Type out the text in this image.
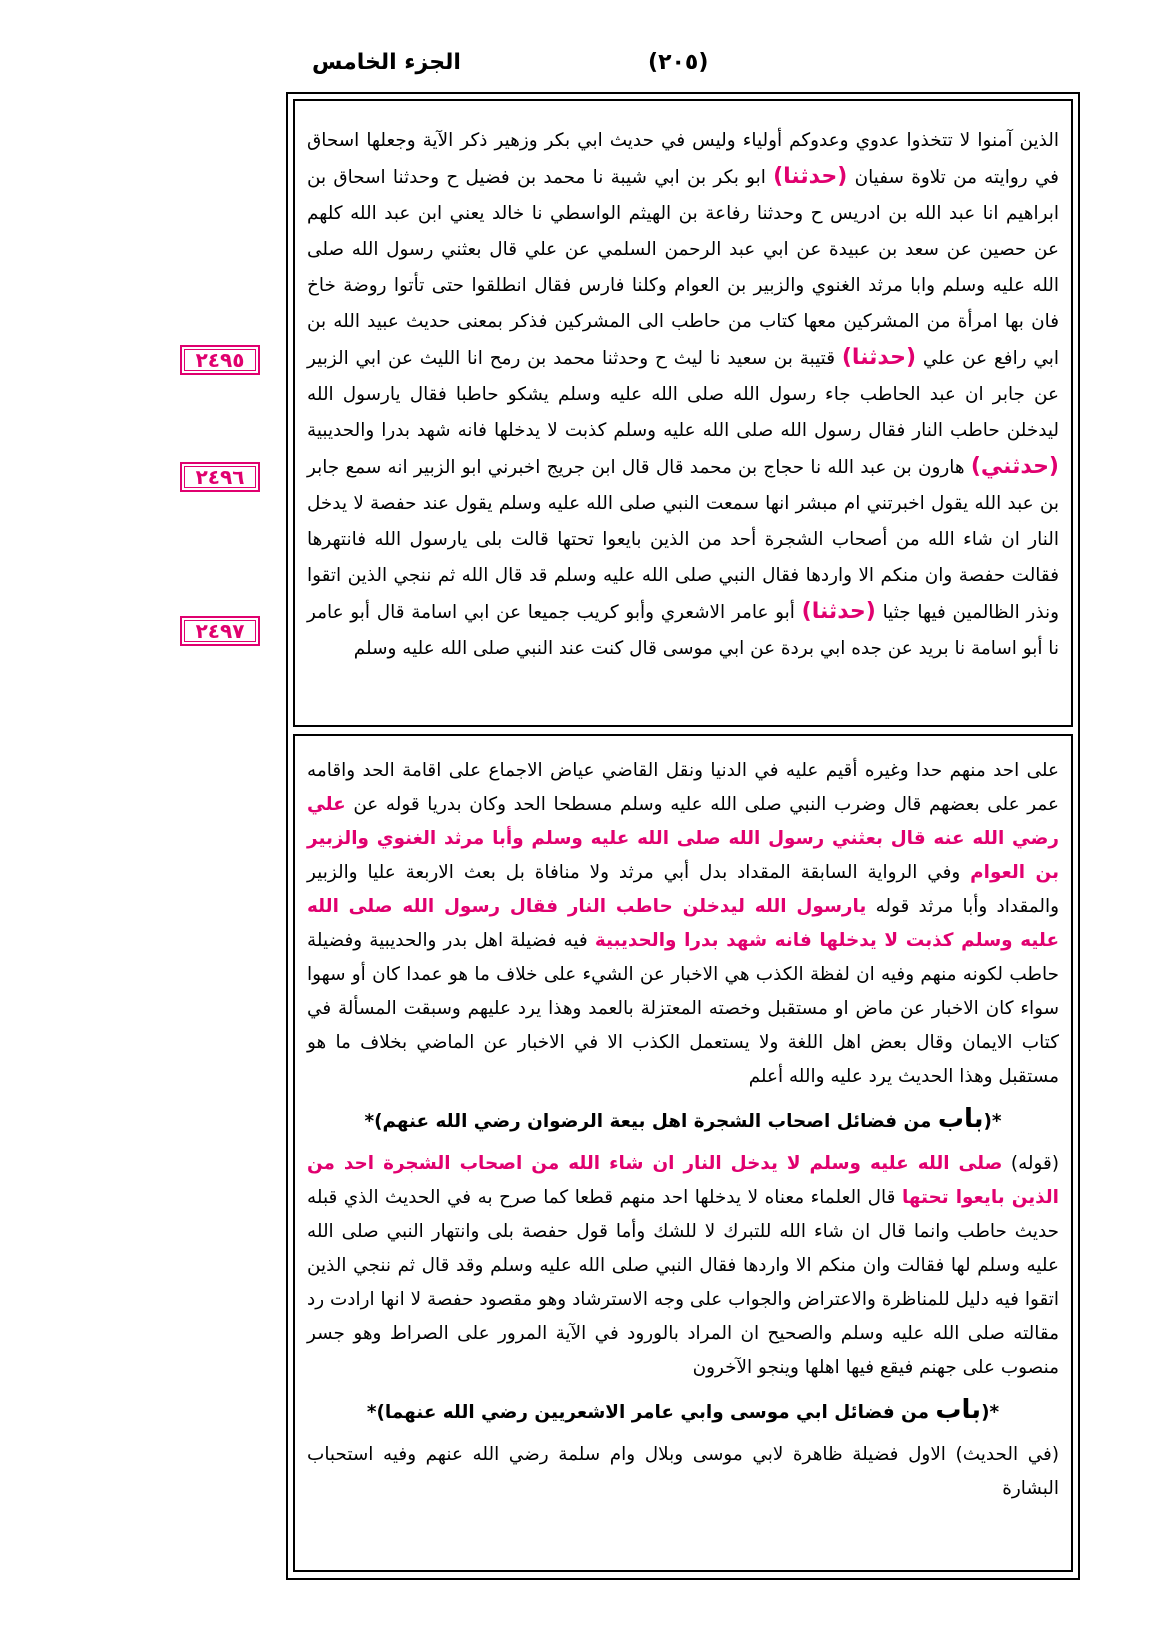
الجزء الخامس	(٢٠٥)
٢٤٩٥
٢٤٩٦
٢٤٩٧

الذين آمنوا لا تتخذوا عدوي وعدوكم أولياء وليس في حديث ابي بكر وزهير ذكر الآية وجعلها اسحاق في روايته من تلاوة سفيان (حدثنا) ابو بكر بن ابي شيبة نا محمد بن فضيل ح وحدثنا اسحاق بن ابراهيم انا عبد الله بن ادريس ح وحدثنا رفاعة بن الهيثم الواسطي نا خالد يعني ابن عبد الله كلهم عن حصين عن سعد بن عبيدة عن ابي عبد الرحمن السلمي عن علي قال بعثني رسول الله صلى الله عليه وسلم وابا مرثد الغنوي والزبير بن العوام وكلنا فارس فقال انطلقوا حتى تأتوا روضة خاخ فان بها امرأة من المشركين معها كتاب من حاطب الى المشركين فذكر بمعنى حديث عبيد الله بن ابي رافع عن علي (حدثنا) قتيبة بن سعيد نا ليث ح وحدثنا محمد بن رمح انا الليث عن ابي الزبير عن جابر ان عبد الحاطب جاء رسول الله صلى الله عليه وسلم يشكو حاطبا فقال يارسول الله ليدخلن حاطب النار فقال رسول الله صلى الله عليه وسلم كذبت لا يدخلها فانه شهد بدرا والحديبية (حدثني) هارون بن عبد الله نا حجاج بن محمد قال قال ابن جريج اخبرني ابو الزبير انه سمع جابر بن عبد الله يقول اخبرتني ام مبشر انها سمعت النبي صلى الله عليه وسلم يقول عند حفصة لا يدخل النار ان شاء الله من أصحاب الشجرة أحد من الذين بايعوا تحتها قالت بلى يارسول الله فانتهرها فقالت حفصة وان منكم الا واردها فقال النبي صلى الله عليه وسلم قد قال الله ثم ننجي الذين اتقوا ونذر الظالمين فيها جثيا (حدثنا) أبو عامر الاشعري وأبو كريب جميعا عن ابي اسامة قال أبو عامر نا أبو اسامة نا بريد عن جده ابي بردة عن ابي موسى قال كنت عند النبي صلى الله عليه وسلم

على احد منهم حدا وغيره أقيم عليه في الدنيا ونقل القاضي عياض الاجماع على اقامة الحد واقامه عمر على بعضهم قال وضرب النبي صلى الله عليه وسلم مسطحا الحد وكان بدريا قوله عن علي رضي الله عنه قال بعثني رسول الله صلى الله عليه وسلم وأبا مرثد الغنوي والزبير بن العوام وفي الرواية السابقة المقداد بدل أبي مرثد ولا منافاة بل بعث الاربعة عليا والزبير والمقداد وأبا مرثد قوله يارسول الله ليدخلن حاطب النار فقال رسول الله صلى الله عليه وسلم كذبت لا يدخلها فانه شهد بدرا والحديبية فيه فضيلة اهل بدر والحديبية وفضيلة حاطب لكونه منهم وفيه ان لفظة الكذب هي الاخبار عن الشيء على خلاف ما هو عمدا كان أو سهوا سواء كان الاخبار عن ماض او مستقبل وخصته المعتزلة بالعمد وهذا يرد عليهم وسبقت المسألة في كتاب الايمان وقال بعض اهل اللغة ولا يستعمل الكذب الا في الاخبار عن الماضي بخلاف ما هو مستقبل وهذا الحديث يرد عليه والله أعلم

*(باب من فضائل اصحاب الشجرة اهل بيعة الرضوان رضي الله عنهم)*

(قوله) صلى الله عليه وسلم لا يدخل النار ان شاء الله من اصحاب الشجرة احد من الذين بايعوا تحتها قال العلماء معناه لا يدخلها احد منهم قطعا كما صرح به في الحديث الذي قبله حديث حاطب وانما قال ان شاء الله للتبرك لا للشك وأما قول حفصة بلى وانتهار النبي صلى الله عليه وسلم لها فقالت وان منكم الا واردها فقال النبي صلى الله عليه وسلم وقد قال ثم ننجي الذين اتقوا فيه دليل للمناظرة والاعتراض والجواب على وجه الاسترشاد وهو مقصود حفصة لا انها ارادت رد مقالته صلى الله عليه وسلم والصحيح ان المراد بالورود في الآية المرور على الصراط وهو جسر منصوب على جهنم فيقع فيها اهلها وينجو الآخرون

*(باب من فضائل ابي موسى وابي عامر الاشعريين رضي الله عنهما)*

(في الحديث) الاول فضيلة ظاهرة لابي موسى وبلال وام سلمة رضي الله عنهم وفيه استحباب البشارة
